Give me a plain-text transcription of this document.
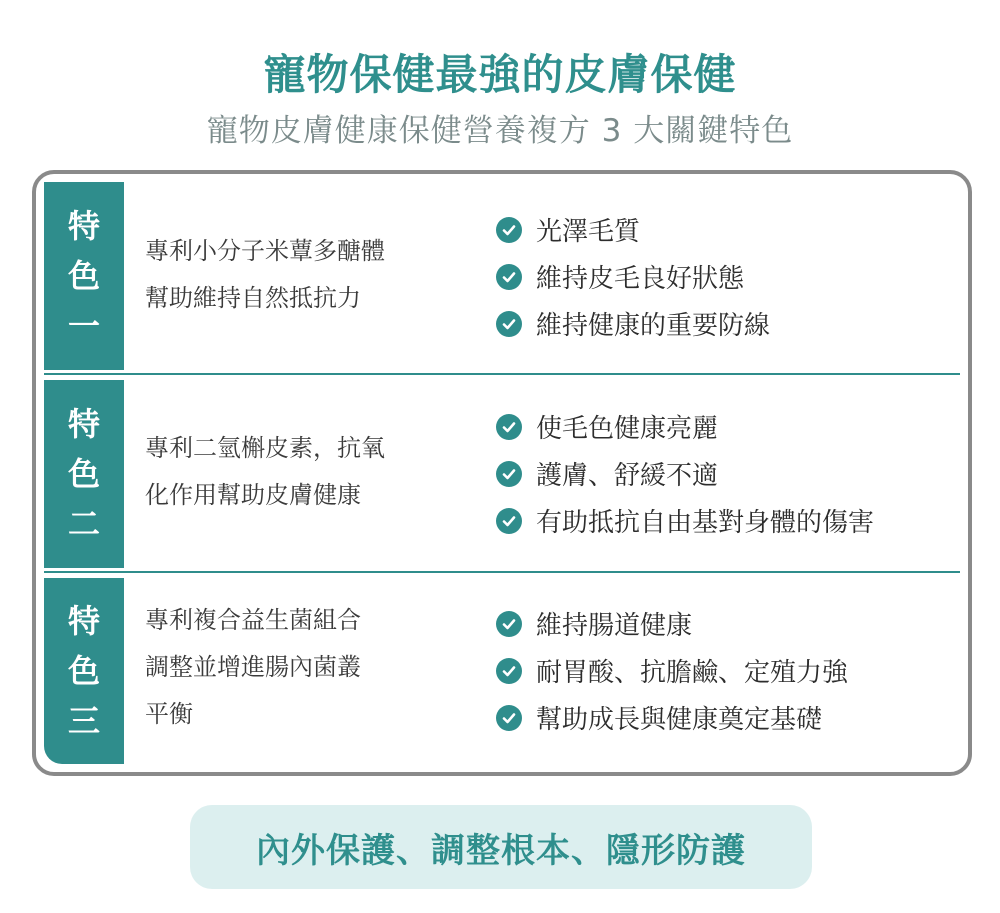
寵物保健最強的皮膚保健
寵物皮膚健康保健營養複方 3 大關鍵特色
特
色
一
專利小分子米蕈多醣體
幫助維持自然抵抗力
光澤毛質
維持皮毛良好狀態
維持健康的重要防線
特
色
二
專利二氫槲皮素，抗氧
化作用幫助皮膚健康
使毛色健康亮麗
護膚、舒緩不適
有助抵抗自由基對身體的傷害
特
色
三
專利複合益生菌組合
調整並增進腸內菌叢
平衡
維持腸道健康
耐胃酸、抗膽鹼、定殖力強
幫助成長與健康奠定基礎
內外保護、調整根本、隱形防護
